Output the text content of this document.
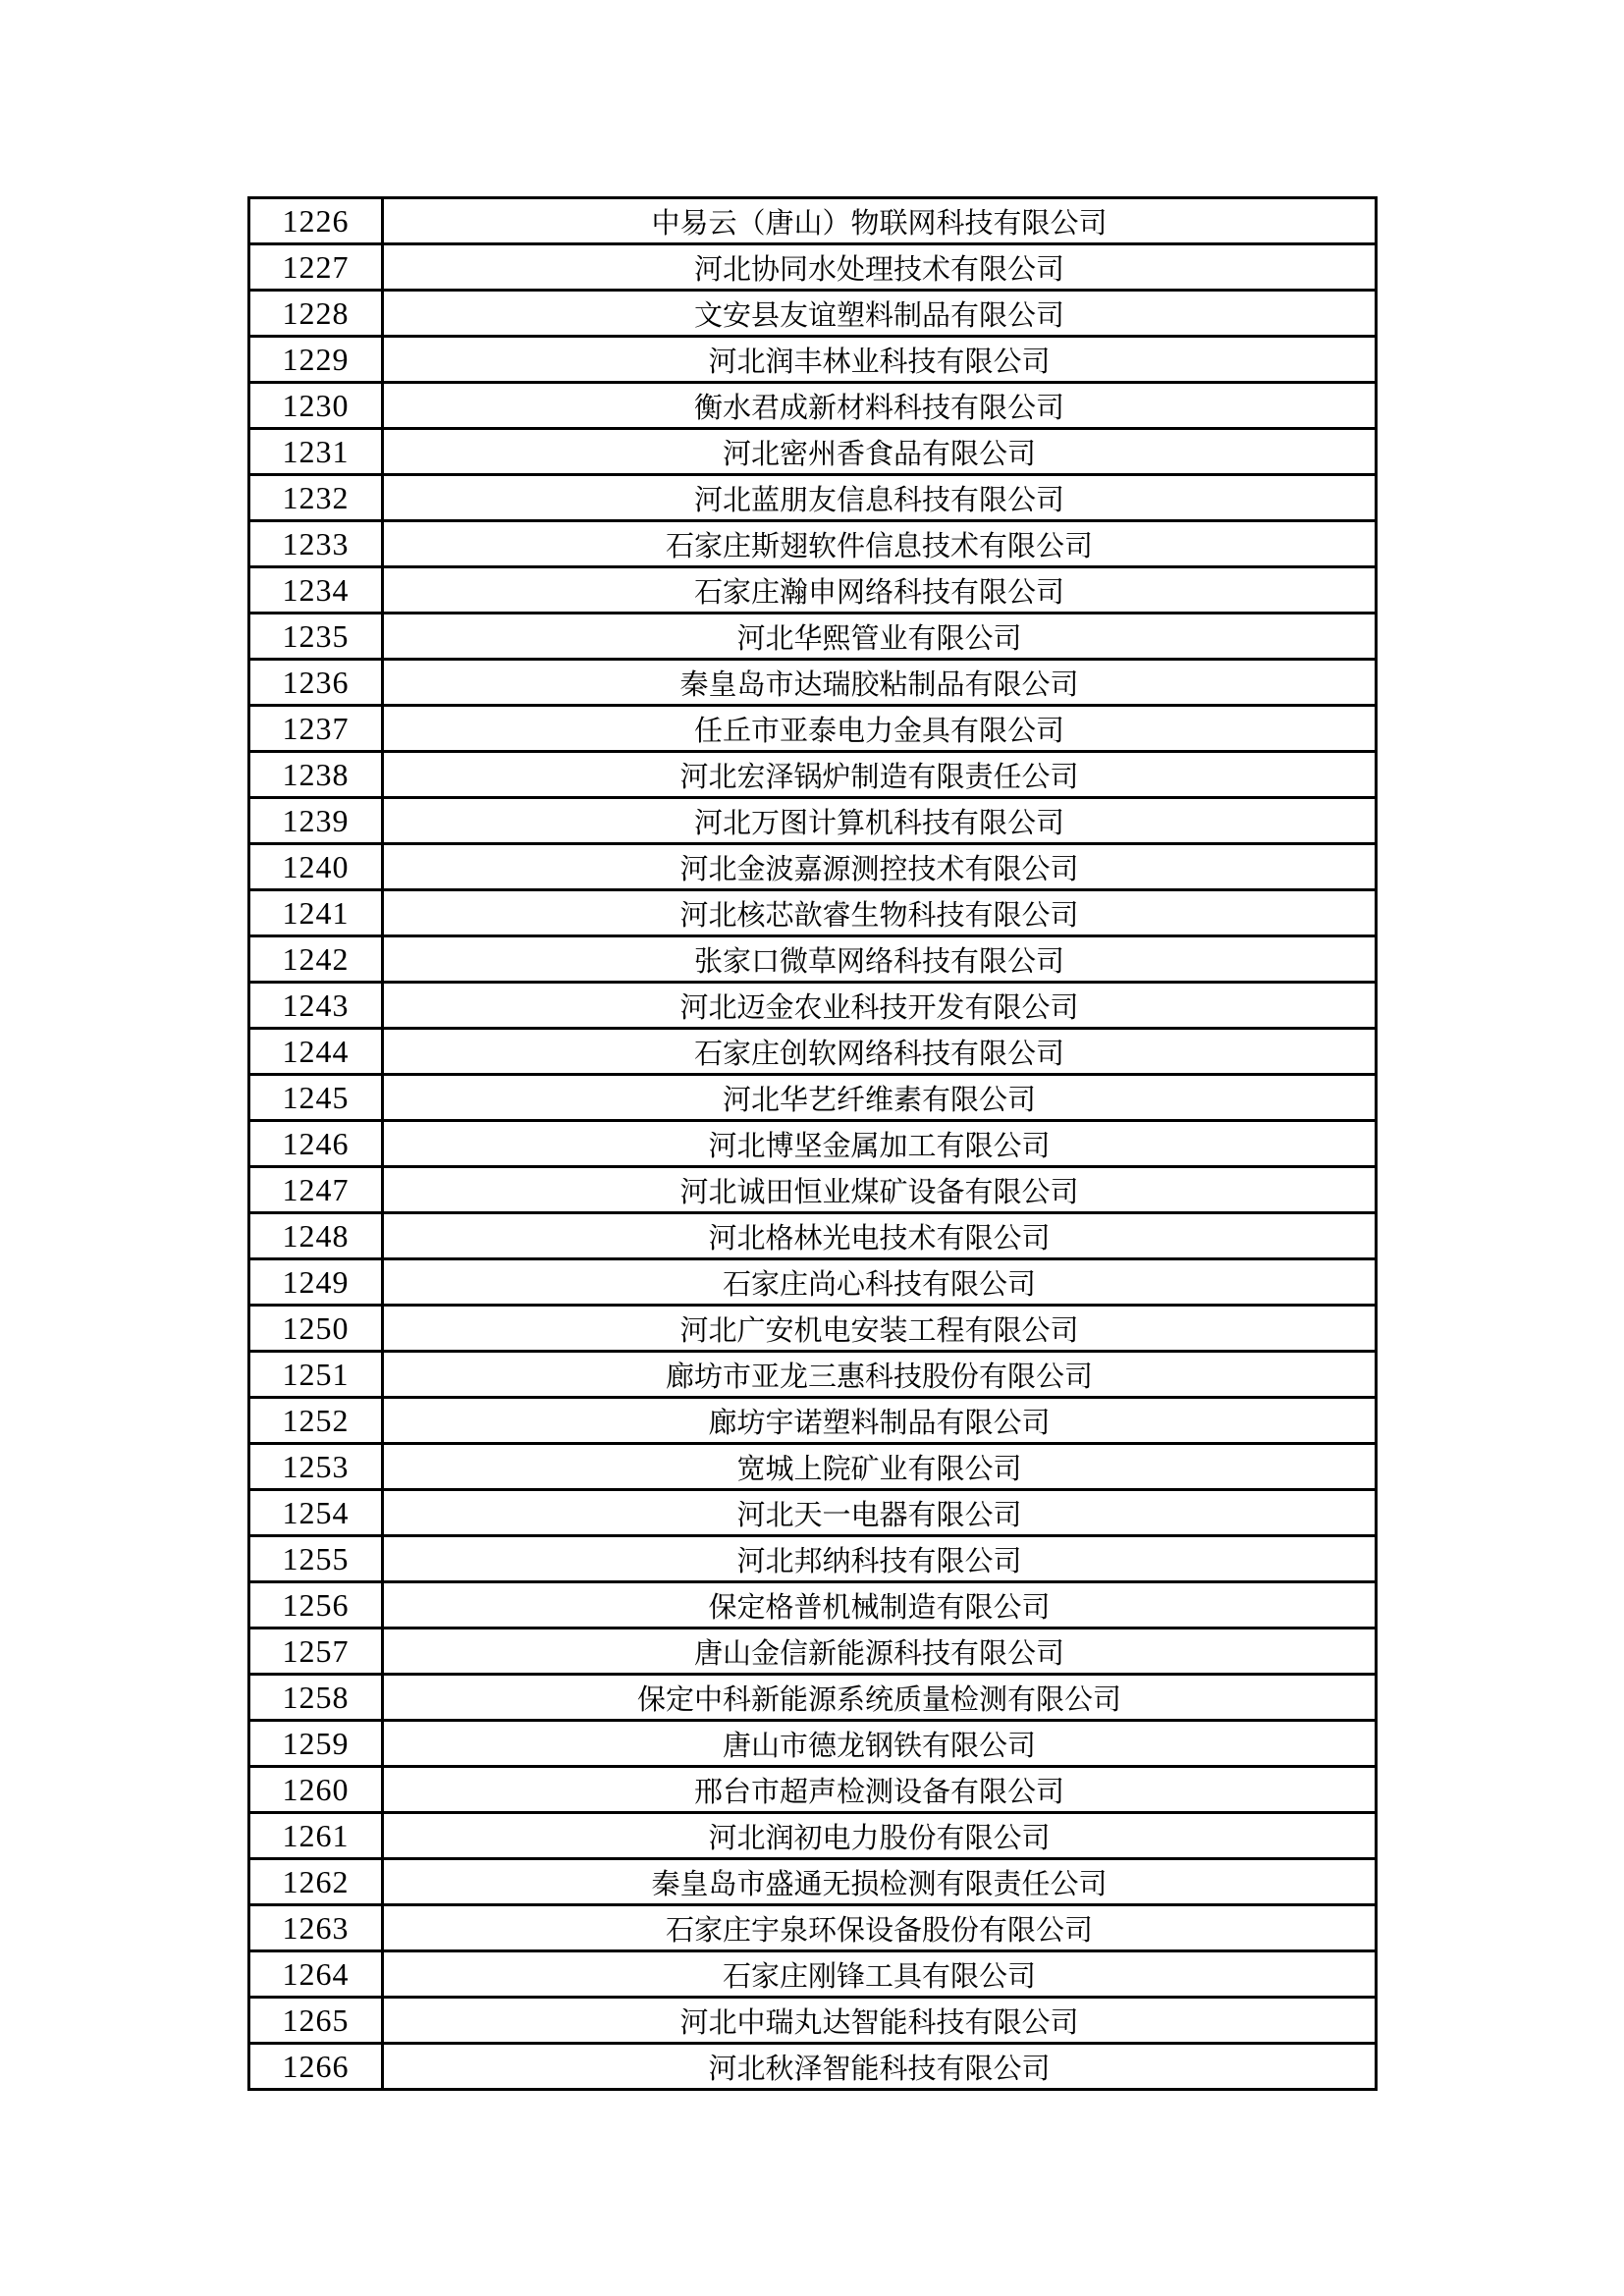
1226	中易云（唐山）物联网科技有限公司
1227	河北协同水处理技术有限公司
1228	文安县友谊塑料制品有限公司
1229	河北润丰林业科技有限公司
1230	衡水君成新材料科技有限公司
1231	河北密州香食品有限公司
1232	河北蓝朋友信息科技有限公司
1233	石家庄斯翅软件信息技术有限公司
1234	石家庄瀚申网络科技有限公司
1235	河北华熙管业有限公司
1236	秦皇岛市达瑞胶粘制品有限公司
1237	任丘市亚泰电力金具有限公司
1238	河北宏泽锅炉制造有限责任公司
1239	河北万图计算机科技有限公司
1240	河北金波嘉源测控技术有限公司
1241	河北核芯歆睿生物科技有限公司
1242	张家口微草网络科技有限公司
1243	河北迈金农业科技开发有限公司
1244	石家庄创软网络科技有限公司
1245	河北华艺纤维素有限公司
1246	河北博坚金属加工有限公司
1247	河北诚田恒业煤矿设备有限公司
1248	河北格林光电技术有限公司
1249	石家庄尚心科技有限公司
1250	河北广安机电安装工程有限公司
1251	廊坊市亚龙三惠科技股份有限公司
1252	廊坊宇诺塑料制品有限公司
1253	宽城上院矿业有限公司
1254	河北天一电器有限公司
1255	河北邦纳科技有限公司
1256	保定格普机械制造有限公司
1257	唐山金信新能源科技有限公司
1258	保定中科新能源系统质量检测有限公司
1259	唐山市德龙钢铁有限公司
1260	邢台市超声检测设备有限公司
1261	河北润初电力股份有限公司
1262	秦皇岛市盛通无损检测有限责任公司
1263	石家庄宇泉环保设备股份有限公司
1264	石家庄刚锋工具有限公司
1265	河北中瑞丸达智能科技有限公司
1266	河北秋泽智能科技有限公司
